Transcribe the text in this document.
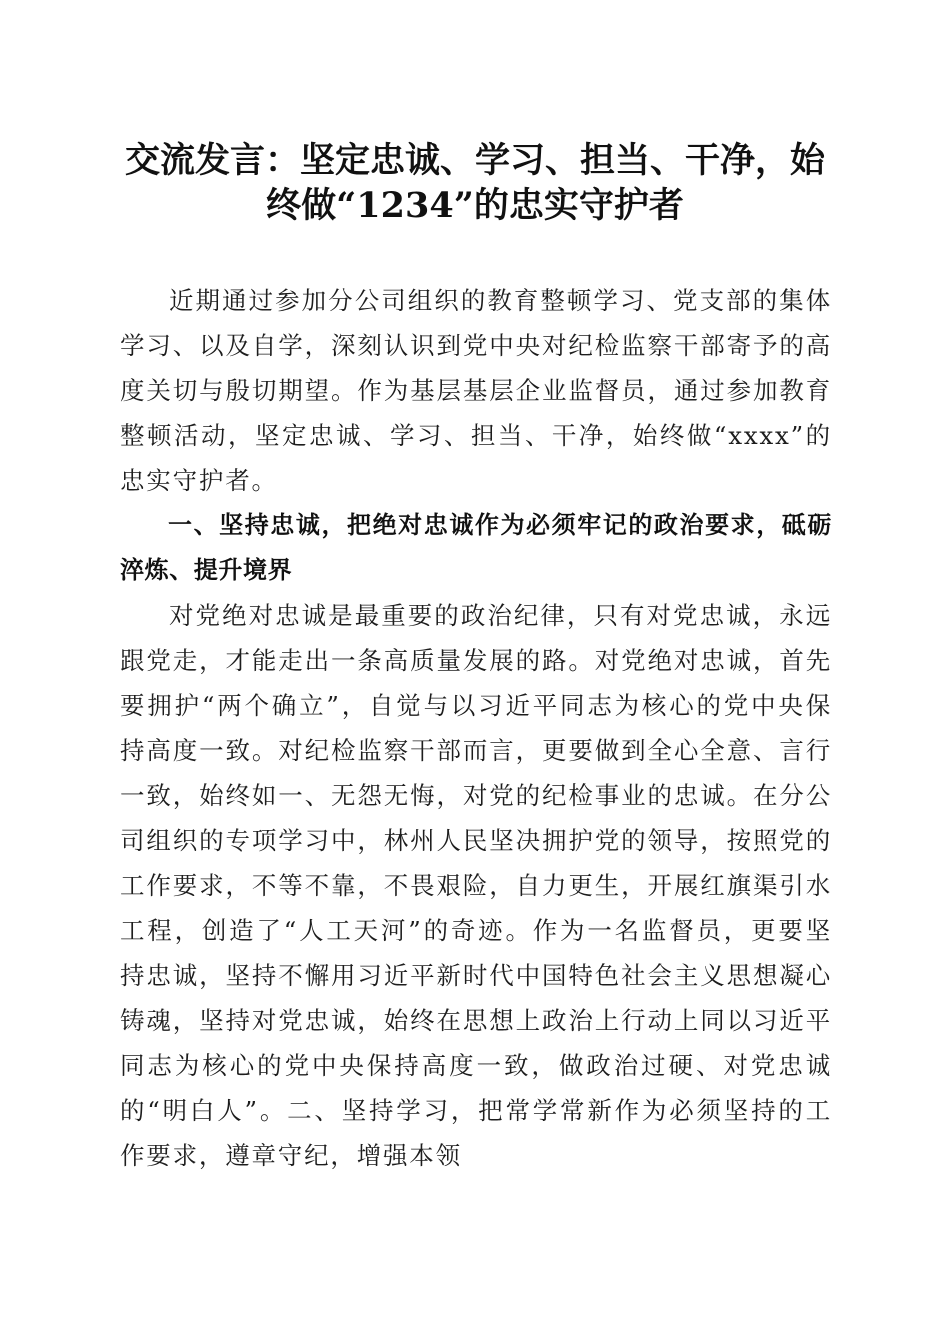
交流发言：坚定忠诚、学习、担当、干净，始
终做“1234”的忠实守护者

近期通过参加分公司组织的教育整顿学习、党支部的集体学习、以及自学，深刻认识到党中央对纪检监察干部寄予的高度关切与殷切期望。作为基层基层企业监督员，通过参加教育整顿活动，坚定忠诚、学习、担当、干净，始终做“xxxx”的忠实守护者。

一、坚持忠诚，把绝对忠诚作为必须牢记的政治要求，砥砺淬炼、提升境界

对党绝对忠诚是最重要的政治纪律，只有对党忠诚，永远跟党走，才能走出一条高质量发展的路。对党绝对忠诚，首先要拥护“两个确立”，自觉与以习近平同志为核心的党中央保持高度一致。对纪检监察干部而言，更要做到全心全意、言行一致，始终如一、无怨无悔，对党的纪检事业的忠诚。在分公司组织的专项学习中，林州人民坚决拥护党的领导，按照党的工作要求，不等不靠，不畏艰险，自力更生，开展红旗渠引水工程，创造了“人工天河”的奇迹。作为一名监督员，更要坚持忠诚，坚持不懈用习近平新时代中国特色社会主义思想凝心铸魂，坚持对党忠诚，始终在思想上政治上行动上同以习近平同志为核心的党中央保持高度一致，做政治过硬、对党忠诚的“明白人”。二、坚持学习，把常学常新作为必须坚持的工作要求，遵章守纪，增强本领
